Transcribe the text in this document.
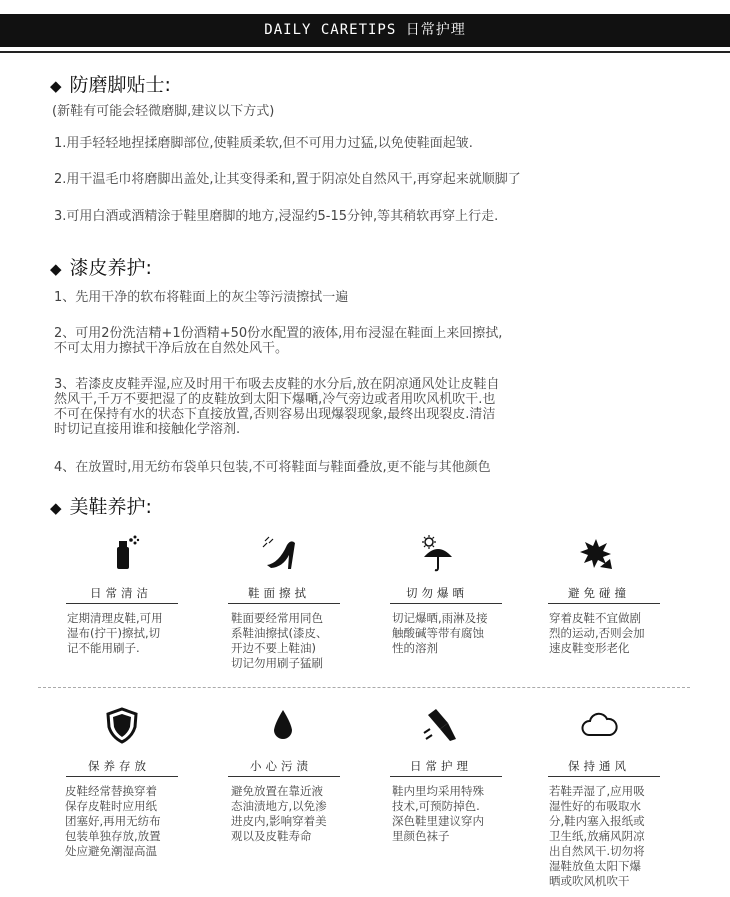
DAILY CARETIPS 日常护理
◆ 防磨脚贴士:
(新鞋有可能会轻微磨脚,建议以下方式)
1.用手轻轻地捏揉磨脚部位,使鞋质柔软,但不可用力过猛,以免使鞋面起皱.
2.用干温毛巾将磨脚出盖处,让其变得柔和,置于阴凉处自然风干,再穿起来就顺脚了
3.可用白酒或酒精涂于鞋里磨脚的地方,浸湿约5-15分钟,等其稍软再穿上行走.
◆ 漆皮养护:
1、先用干净的软布将鞋面上的灰尘等污渍擦拭一遍
2、可用2份洗洁精+1份酒精+50份水配置的液体,用布浸湿在鞋面上来回擦拭,
不可太用力擦拭干净后放在自然处风干。
3、若漆皮皮鞋弄湿,应及时用干布吸去皮鞋的水分后,放在阴凉通风处让皮鞋自
然风干,千万不要把湿了的皮鞋放到太阳下爆嗮,冷气旁边或者用吹风机吹干.也
不可在保持有水的状态下直接放置,否则容易出现爆裂现象,最终出现裂皮.清洁
时切记直接用谁和接触化学溶剂.
4、在放置时,用无纺布袋单只包装,不可将鞋面与鞋面叠放,更不能与其他颜色
◆ 美鞋养护:
日常清洁
定期清理皮鞋,可用
湿布(拧干)擦拭,切
记不能用刷子.
鞋面擦拭
鞋面要经常用同色
系鞋油擦拭(漆皮、
开边不要上鞋油)
切记勿用刷子猛刷
切勿爆晒
切记爆晒,雨淋及接
触酸碱等带有腐蚀
性的溶剂
避免碰撞
穿着皮鞋不宜做剧
烈的运动,否则会加
速皮鞋变形老化
保养存放
皮鞋经常替换穿着
保存皮鞋时应用纸
团塞好,再用无纺布
包装单独存放,放置
处应避免潮湿高温
小心污渍
避免放置在靠近液
态油渍地方,以免渗
进皮内,影响穿着美
观以及皮鞋寿命
日常护理
鞋内里均采用特殊
技术,可预防掉色.
深色鞋里建议穿内
里颜色袜子
保持通风
若鞋弄湿了,应用吸
湿性好的布吸取水
分,鞋内塞入报纸或
卫生纸,放痛风阴凉
出自然风干.切勿将
湿鞋放鱼太阳下爆
晒或吹风机吹干
